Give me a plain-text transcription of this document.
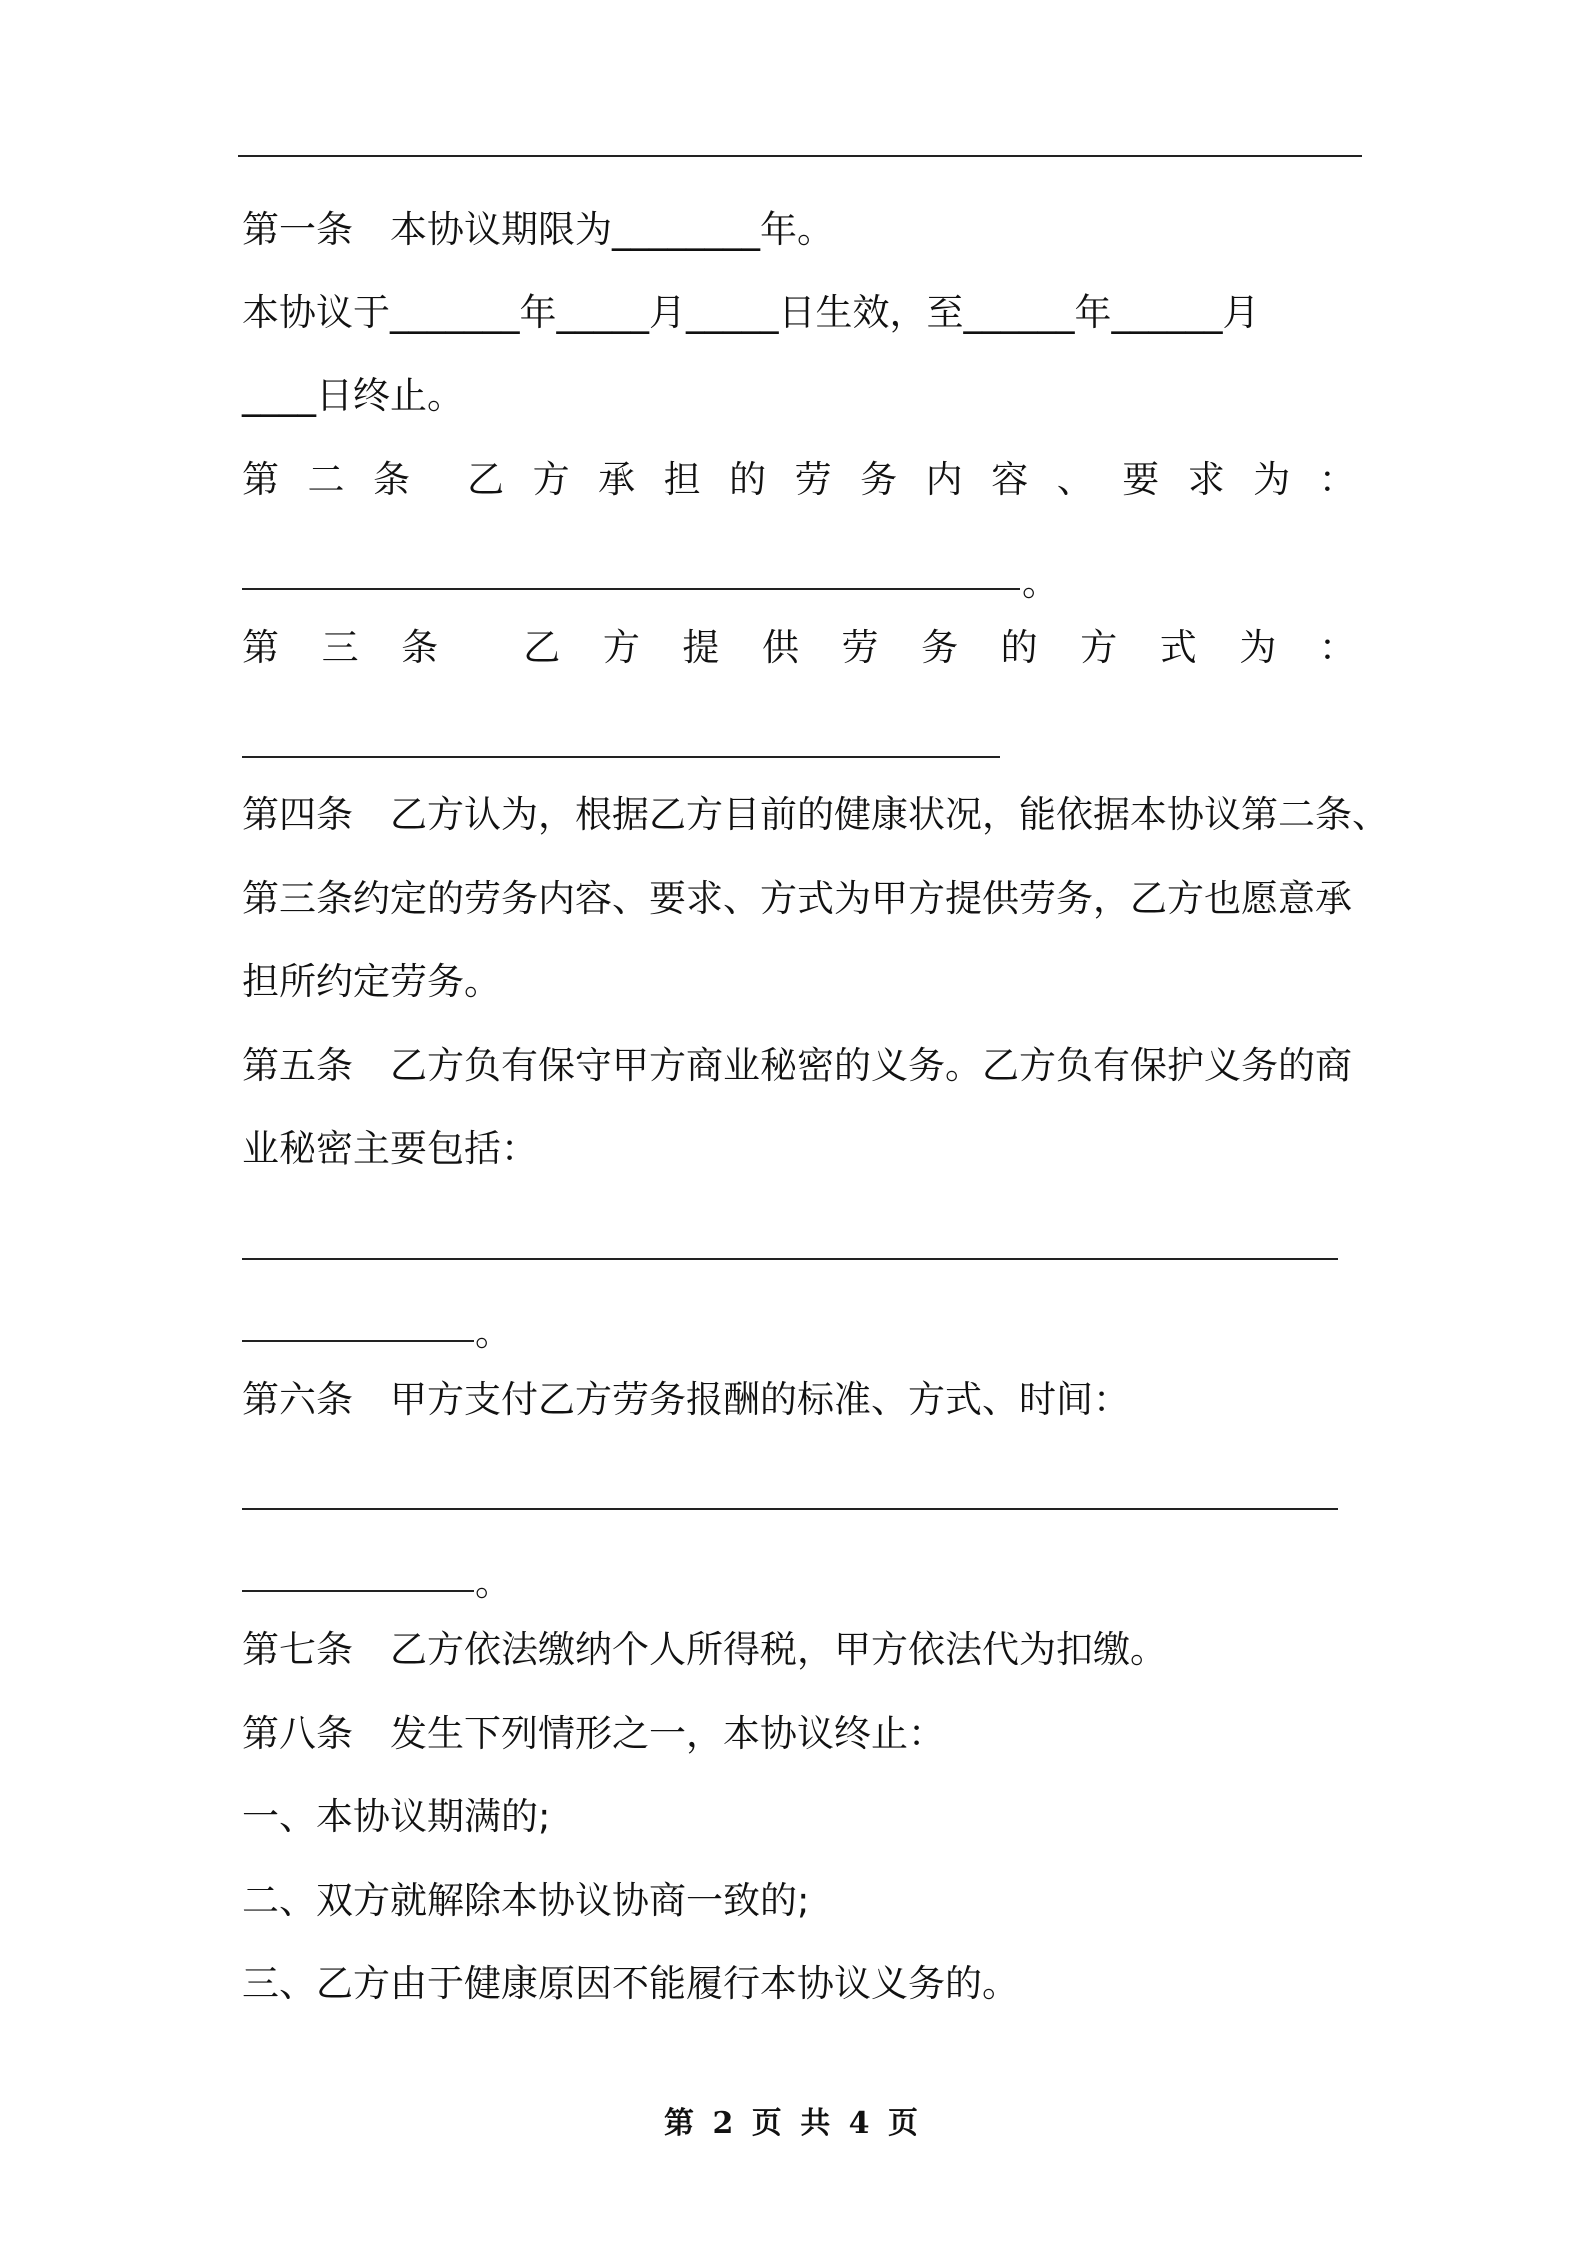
第一条　本协议期限为________年。
本协议于_______年_____月_____日生效，至______年______月
____日终止。
第 二 条 乙 方 承 担 的 劳 务 内 容 、 要 求 为 ：
。
第 三 条 乙 方 提 供 劳 务 的 方 式 为 ：
第四条　乙方认为，根据乙方目前的健康状况，能依据本协议第二条、
第三条约定的劳务内容、要求、方式为甲方提供劳务，乙方也愿意承
担所约定劳务。
第五条　乙方负有保守甲方商业秘密的义务。乙方负有保护义务的商
业秘密主要包括：
。
第六条　甲方支付乙方劳务报酬的标准、方式、时间：
。
第七条　乙方依法缴纳个人所得税，甲方依法代为扣缴。
第八条　发生下列情形之一，本协议终止：
一、本协议期满的;
二、双方就解除本协议协商一致的;
三、乙方由于健康原因不能履行本协议义务的。
第 2 页 共 4 页
